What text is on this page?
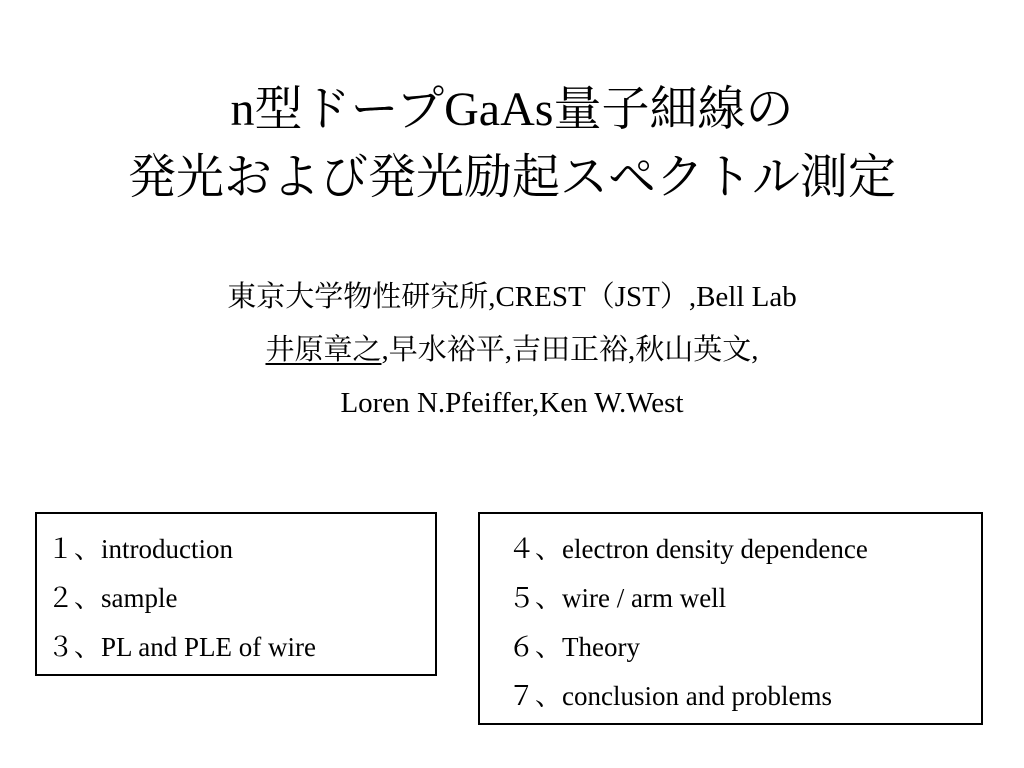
n型ドープGaAs量子細線の
発光および発光励起スペクトル測定
東京大学物性研究所,CREST（JST）,Bell Lab
井原章之,早水裕平,吉田正裕,秋山英文,
Loren N.Pfeiffer,Ken W.West
１、introduction
２、sample
３、PL and PLE of wire
４、electron density dependence
５、wire / arm well
６、Theory
７、conclusion and problems
